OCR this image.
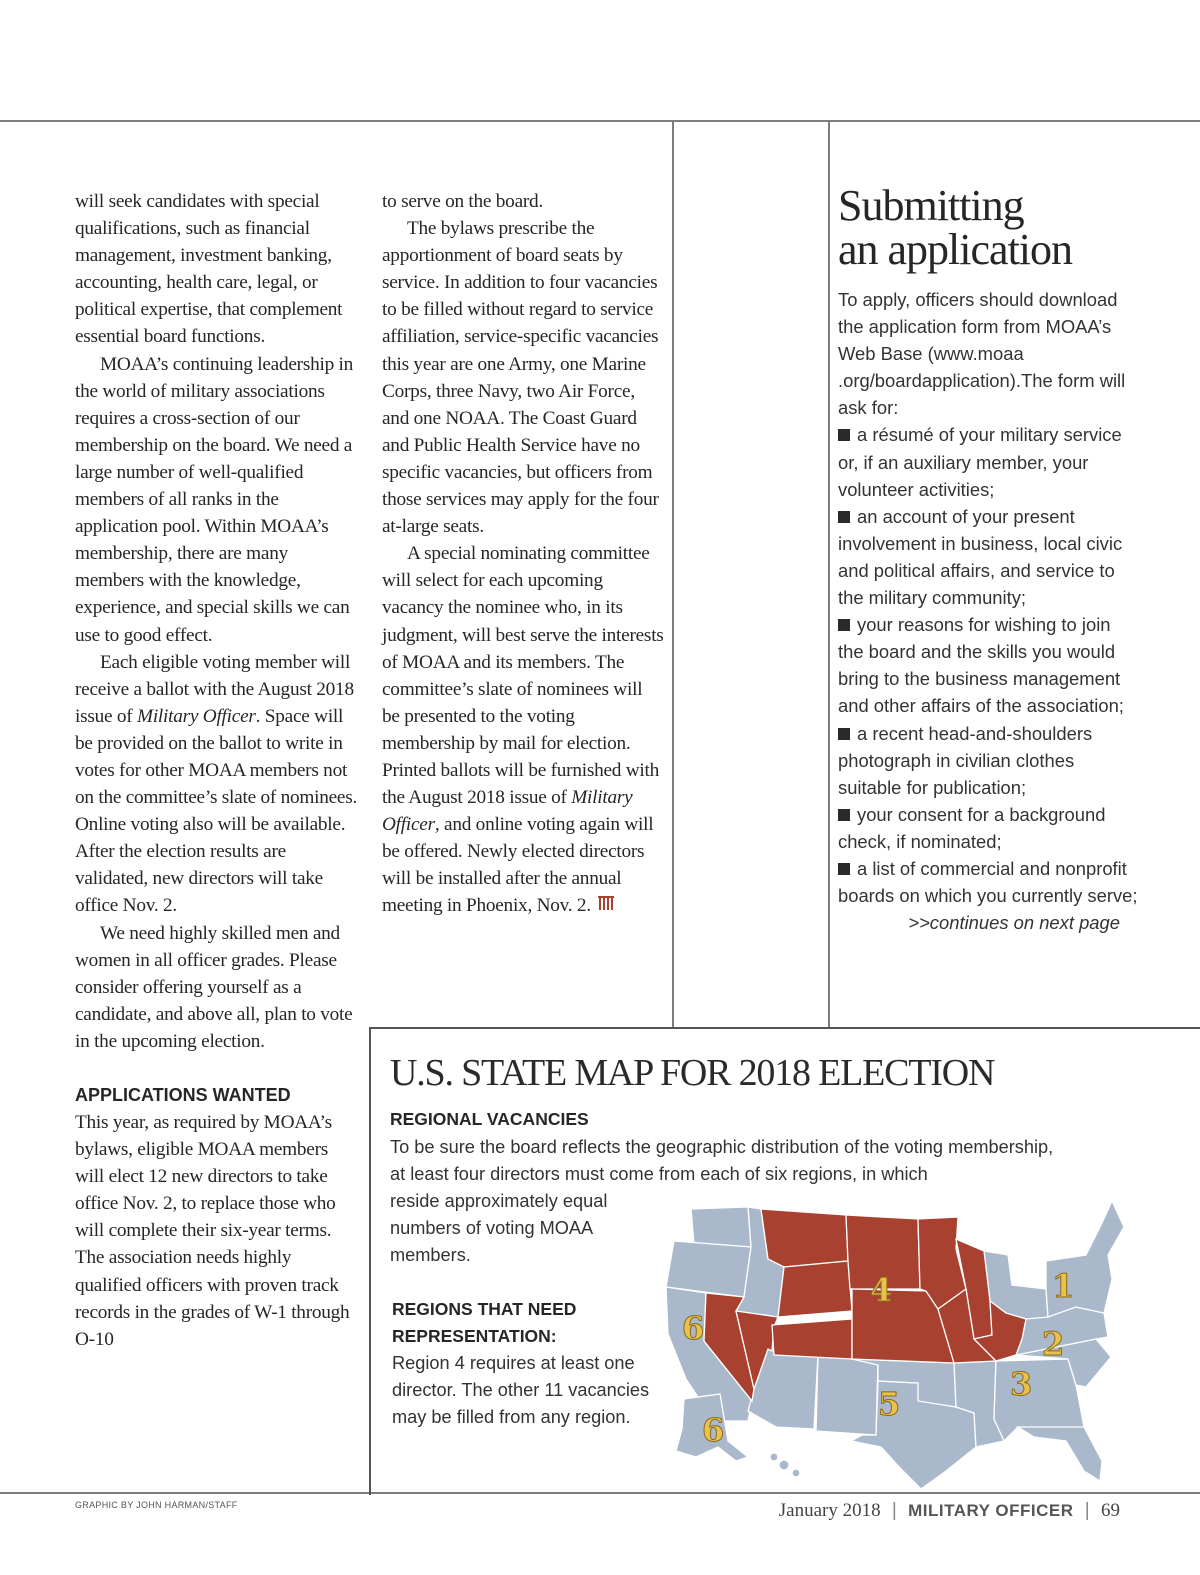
will seek candidates with special qualifications, such as financial management, investment banking, accounting, health care, legal, or political expertise, that complement essential board functions.

MOAA’s continuing leadership in the world of military associations requires a cross-section of our membership on the board. We need a large number of well-qualified members of all ranks in the application pool. Within MOAA’s membership, there are many members with the knowledge, experience, and special skills we can use to good effect.

Each eligible voting member will receive a ballot with the August 2018 issue of Military Officer. Space will be provided on the ballot to write in votes for other MOAA members not on the committee’s slate of nominees. Online voting also will be available. After the election results are validated, new directors will take office Nov. 2.

We need highly skilled men and women in all officer grades. Please consider offering yourself as a candidate, and above all, plan to vote in the upcoming election.

APPLICATIONS WANTED

This year, as required by MOAA’s bylaws, eligible MOAA members will elect 12 new directors to take office Nov. 2, to replace those who will complete their six-year terms. The association needs highly qualified officers with proven track records in the grades of W-1 through O-10

to serve on the board.

The bylaws prescribe the apportionment of board seats by service. In addition to four vacancies to be filled without regard to service affiliation, service-specific vacancies this year are one Army, one Marine Corps, three Navy, two Air Force, and one NOAA. The Coast Guard and Public Health Service have no specific vacancies, but officers from those services may apply for the four at-large seats.

A special nominating committee will select for each upcoming vacancy the nominee who, in its judgment, will best serve the interests of MOAA and its members. The committee’s slate of nominees will be presented to the voting membership by mail for election. Printed ballots will be furnished with the August 2018 issue of Military Officer, and online voting again will be offered. Newly elected directors will be installed after the annual meeting in Phoenix, Nov. 2.

Submitting
an application

To apply, officers should download the application form from MOAA’s Web Base (www.moaa .org/boardapplication).The form will ask for:

a résumé of your military service or, if an auxiliary member, your volunteer activities;

an account of your present involvement in business, local civic and political affairs, and service to the military community;

your reasons for wishing to join the board and the skills you would bring to the business management and other affairs of the association;

a recent head-and-shoulders photograph in civilian clothes suitable for publication;

your consent for a background check, if nominated;

a list of commercial and nonprofit boards on which you currently serve;

>>continues on next page

U.S. STATE MAP FOR 2018 ELECTION
REGIONAL VACANCIES
To be sure the board reflects the geographic distribution of the voting membership,
at least four directors must come from each of six regions, in which
reside approximately equal numbers of voting MOAA members.
REGIONS THAT NEED REPRESENTATION:
Region 4 requires at least one director. The other 11 vacancies may be filled from any region.
1
2
3
4
5
6
6
GRAPHIC BY JOHN HARMAN/STAFF	January 2018 | MILITARY OFFICER | 69
